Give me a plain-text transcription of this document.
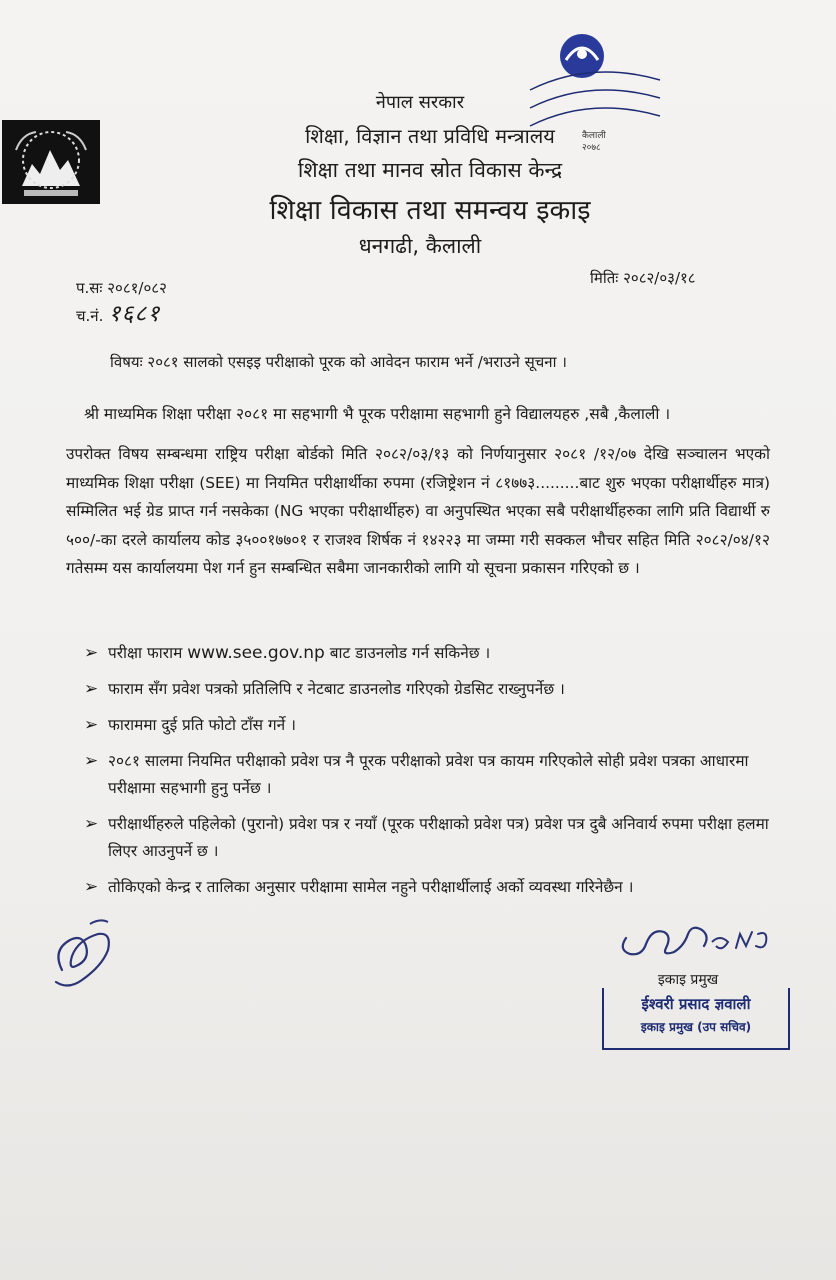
कैलाली
२०७८
नेपाल सरकार
शिक्षा, विज्ञान तथा प्रविधि मन्त्रालय
शिक्षा तथा मानव स्रोत विकास केन्द्र
शिक्षा विकास तथा समन्वय इकाइ
धनगढी, कैलाली
प.सः २०८१/०८२
च.नं. १६८१
मितिः २०८२/०३/१८
विषयः २०८१ सालको एसइइ परीक्षाको पूरक को आवेदन फाराम भर्ने /भराउने सूचना ।
श्री माध्यमिक शिक्षा परीक्षा २०८१ मा सहभागी भै पूरक परीक्षामा सहभागी हुने विद्यालयहरु ,सबै ,कैलाली ।
उपरोक्त विषय सम्बन्धमा राष्ट्रिय परीक्षा बोर्डको मिति २०८२/०३/१३ को निर्णयानुसार २०८१ /१२/०७ देखि सञ्चालन भएको माध्यमिक शिक्षा परीक्षा (SEE) मा नियमित परीक्षार्थीका रुपमा (रजिष्ट्रेशन नं ८१७७३.........बाट शुरु भएका परीक्षार्थीहरु मात्र) सम्मिलित भई ग्रेड प्राप्त गर्न नसकेका (NG भएका परीक्षार्थीहरु) वा अनुपस्थित भएका सबै परीक्षार्थीहरुका लागि प्रति विद्यार्थी रु ५००/-का दरले कार्यालय कोड ३५००१७७०१ र राजश्व शिर्षक नं १४२२३ मा जम्मा गरी सक्कल भौचर सहित मिति २०८२/०४/१२ गतेसम्म यस कार्यालयमा पेश गर्न हुन सम्बन्धित सबैमा जानकारीको लागि यो सूचना प्रकासन गरिएको छ ।
➢ परीक्षा फाराम www.see.gov.np बाट डाउनलोड गर्न सकिनेछ ।
➢ फाराम सँग प्रवेश पत्रको प्रतिलिपि र नेटबाट डाउनलोड गरिएको ग्रेडसिट राख्नुपर्नेछ ।
➢ फाराममा दुई प्रति फोटो टाँस गर्ने ।
➢ २०८१ सालमा नियमित परीक्षाको प्रवेश पत्र नै पूरक परीक्षाको प्रवेश पत्र कायम गरिएकोले सोही प्रवेश पत्रका आधारमा परीक्षामा सहभागी हुनु पर्नेछ ।
➢ परीक्षार्थीहरुले पहिलेको (पुरानो) प्रवेश पत्र र नयाँ (पूरक परीक्षाको प्रवेश पत्र) प्रवेश पत्र दुबै अनिवार्य रुपमा परीक्षा हलमा लिएर आउनुपर्ने छ ।
➢ तोकिएको केन्द्र र तालिका अनुसार परीक्षामा सामेल नहुने परीक्षार्थीलाई अर्को व्यवस्था गरिनेछैन ।
इकाइ प्रमुख
ईश्वरी प्रसाद ज्ञवाली
इकाइ प्रमुख (उप सचिव)
